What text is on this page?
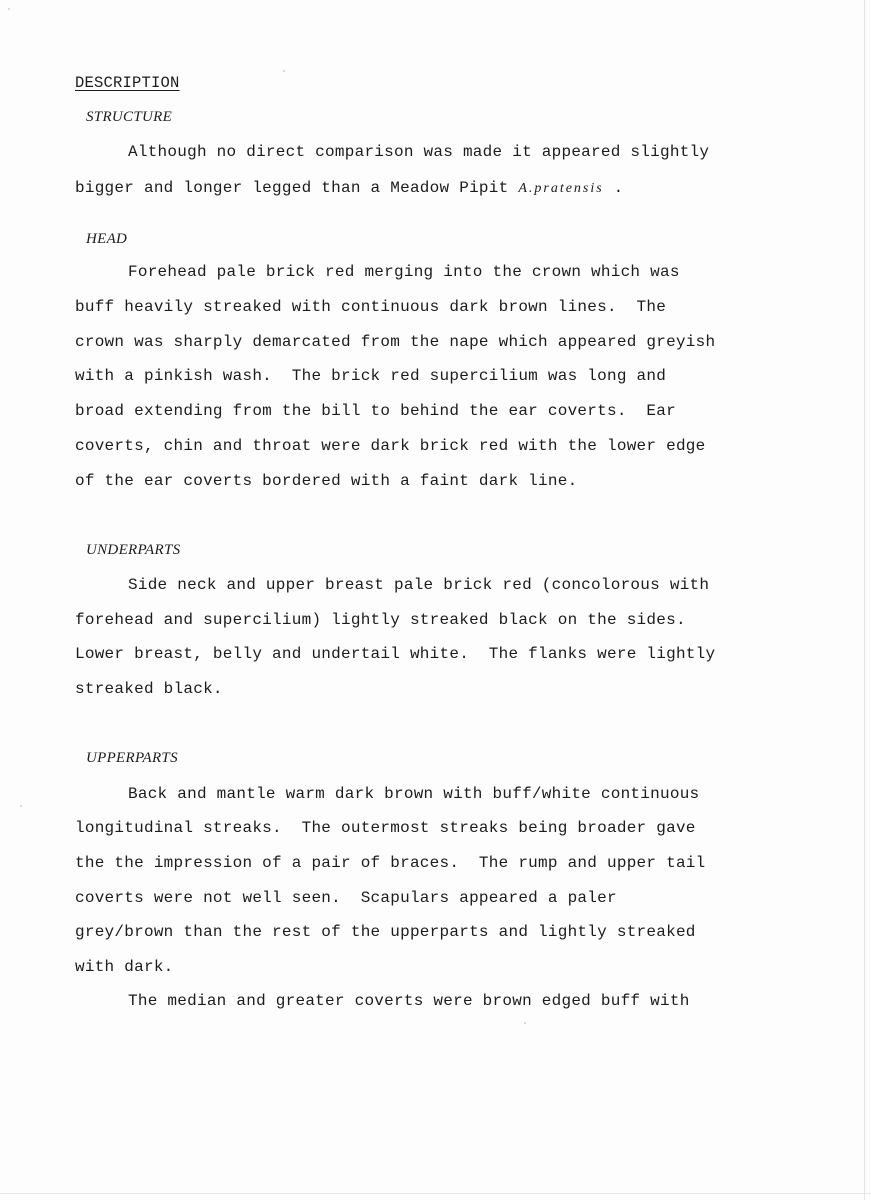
DESCRIPTION
STRUCTURE
Although no direct comparison was made it appeared slightly
bigger and longer legged than a Meadow Pipit A.pratensis .
HEAD
Forehead pale brick red merging into the crown which was
buff heavily streaked with continuous dark brown lines.  The
crown was sharply demarcated from the nape which appeared greyish
with a pinkish wash.  The brick red supercilium was long and
broad extending from the bill to behind the ear coverts.  Ear
coverts, chin and throat were dark brick red with the lower edge
of the ear coverts bordered with a faint dark line.
UNDERPARTS
Side neck and upper breast pale brick red (concolorous with
forehead and supercilium) lightly streaked black on the sides.
Lower breast, belly and undertail white.  The flanks were lightly
streaked black.
UPPERPARTS
Back and mantle warm dark brown with buff/white continuous
longitudinal streaks.  The outermost streaks being broader gave
the the impression of a pair of braces.  The rump and upper tail
coverts were not well seen.  Scapulars appeared a paler
grey/brown than the rest of the upperparts and lightly streaked
with dark.
The median and greater coverts were brown edged buff with
